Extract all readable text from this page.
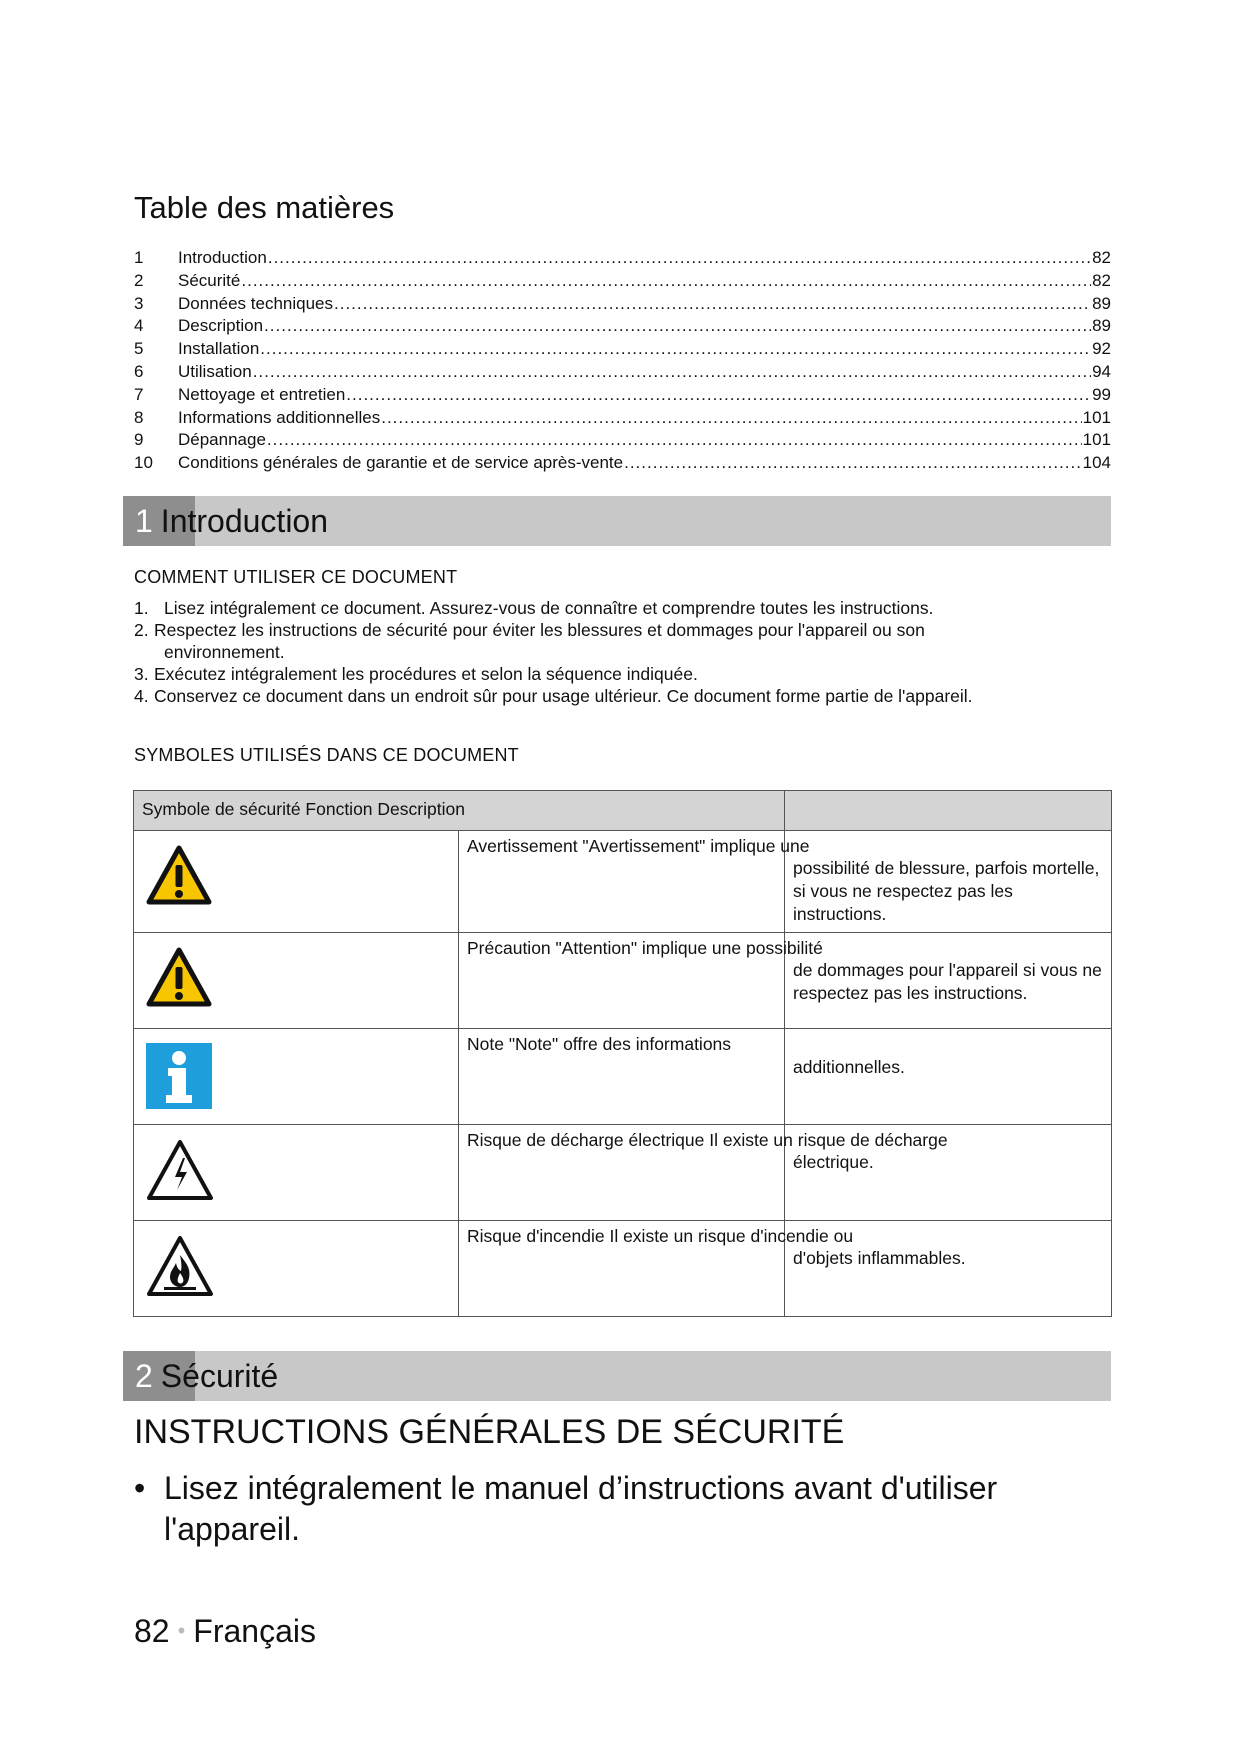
Table des matières
1	Introduction .....	82
2	Sécurité .....	82
3	Données techniques .....	89
4	Description .....	89
5	Installation .....	92
6	Utilisation .....	94
7	Nettoyage et entretien .....	99
8	Informations additionnelles .....	101
9	Dépannage .....	101
10	Conditions générales de garantie et de service après-vente .....	104
1 Introduction
COMMENT UTILISER CE DOCUMENT
1. Lisez intégralement ce document. Assurez-vous de connaître et comprendre toutes les instructions.
2. Respectez les instructions de sécurité pour éviter les blessures et dommages pour l'appareil ou son
environnement.
3. Exécutez intégralement les procédures et selon la séquence indiquée.
4. Conservez ce document dans un endroit sûr pour usage ultérieur. Ce document forme partie de l'appareil.
SYMBOLES UTILISÉS DANS CE DOCUMENT
Symbole de sécurité Fonction Description		

Avertissement "Avertissement" implique une	possibilité de blessure, parfois mortelle, si vous ne respectez pas les instructions.

Précaution "Attention" implique une possibilité	de dommages pour l'appareil si vous ne respectez pas les instructions.

Note "Note" offre des informations	additionnelles.

Risque de décharge électrique Il existe un risque de décharge	électrique.

Risque d'incendie Il existe un risque d'incendie ou	d'objets inflammables.
2 Sécurité
INSTRUCTIONS GÉNÉRALES DE SÉCURITÉ
• Lisez intégralement le manuel d’instructions avant d'utiliser l'appareil.
82 • Français
